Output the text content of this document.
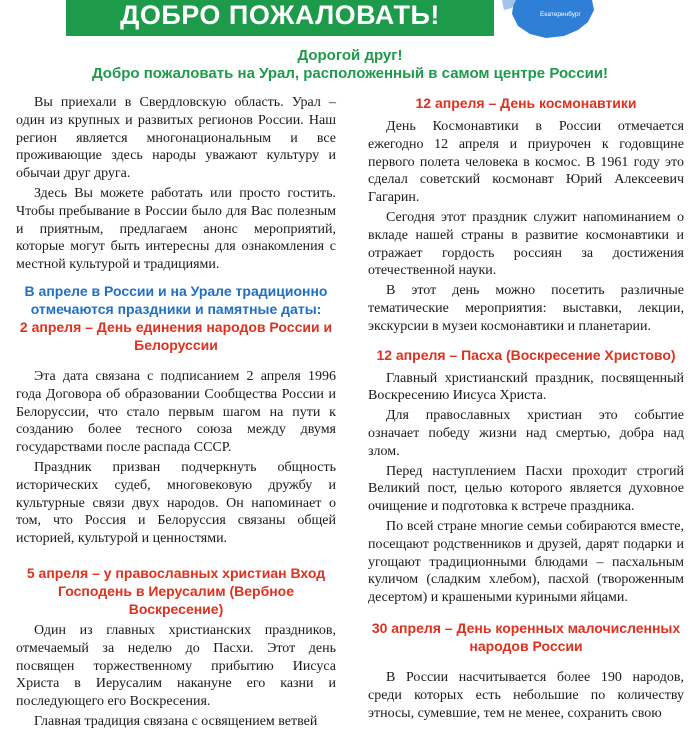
ДОБРО ПОЖАЛОВАТЬ!	Екатеринбург
Дорогой друг!
Добро пожаловать на Урал, расположенный в самом центре России!

Вы приехали в Свердловскую область. Урал – один из крупных и развитых регионов России. Наш регион является многонациональным и все проживающие здесь народы уважают культуру и обычаи друг друга.

Здесь Вы можете работать или просто гостить. Чтобы пребывание в России было для Вас полезным и приятным, предлагаем анонс мероприятий, которые могут быть интересны для ознакомления с местной культурой и традициями.

В апреле в России и на Урале традиционно отмечаются праздники и памятные даты:

2 апреля – День единения народов России и Белоруссии

Эта дата связана с подписанием 2 апреля 1996 года Договора об образовании Сообщества России и Белоруссии, что стало первым шагом на пути к созданию более тесного союза между двумя государствами после распада СССР.

Праздник призван подчеркнуть общность исторических судеб, многовековую дружбу и культурные связи двух народов. Он напоминает о том, что Россия и Белоруссия связаны общей историей, культурой и ценностями.

5 апреля – у православных христиан Вход Господень в Иерусалим (Вербное Воскресение)

Один из главных христианских праздников, отмечаемый за неделю до Пасхи. Этот день посвящен торжественному прибытию Иисуса Христа в Иерусалим накануне его казни и последующего его Воскресения.

Главная традиция связана с освящением ветвей

12 апреля – День космонавтики

День Космонавтики в России отмечается ежегодно 12 апреля и приурочен к годовщине первого полета человека в космос. В 1961 году это сделал советский космонавт Юрий Алексеевич Гагарин.

Сегодня этот праздник служит напоминанием о вкладе нашей страны в развитие космонавтики и отражает гордость россиян за достижения отечественной науки.

В этот день можно посетить различные тематические мероприятия: выставки, лекции, экскурсии в музеи космонавтики и планетарии.

12 апреля – Пасха (Воскресение Христово)

Главный христианский праздник, посвященный Воскресению Иисуса Христа.

Для православных христиан это событие означает победу жизни над смертью, добра над злом.

Перед наступлением Пасхи проходит строгий Великий пост, целью которого является духовное очищение и подготовка к встрече праздника.

По всей стране многие семьи собираются вместе, посещают родственников и друзей, дарят подарки и угощают традиционными блюдами – пасхальным куличом (сладким хлебом), пасхой (твороженным десертом) и крашеными куриными яйцами.

30 апреля – День коренных малочисленных народов России

В России насчитывается более 190 народов, среди которых есть небольшие по количеству этносы, сумевшие, тем не менее, сохранить свою
